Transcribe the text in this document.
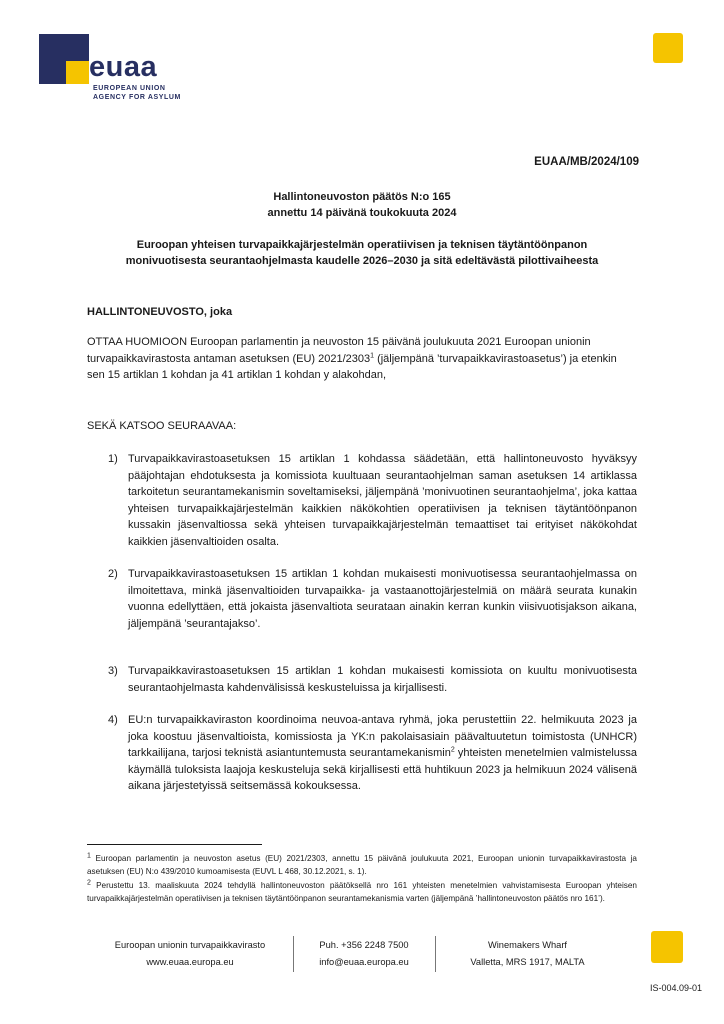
euaa
EUROPEAN UNION
AGENCY FOR ASYLUM
EUAA/MB/2024/109
Hallintoneuvoston päätös N:o 165
annettu 14 päivänä toukokuuta 2024
Euroopan yhteisen turvapaikkajärjestelmän operatiivisen ja teknisen täytäntöönpanon
monivuotisesta seurantaohjelmasta kaudelle 2026–2030 ja sitä edeltävästä pilottivaiheesta
HALLINTONEUVOSTO, joka
OTTAA HUOMIOON Euroopan parlamentin ja neuvoston 15 päivänä joulukuuta 2021 Euroopan unionin turvapaikkavirastosta antaman asetuksen (EU) 2021/2303$^1$ (jäljempänä ’turvapaikkavirastoasetus’) ja etenkin sen 15 artiklan 1 kohdan ja 41 artiklan 1 kohdan y alakohdan,
SEKÄ KATSOO SEURAAVAA:
1) Turvapaikkavirastoasetuksen 15 artiklan 1 kohdassa säädetään, että hallintoneuvosto hyväksyy pääjohtajan ehdotuksesta ja komissiota kuultuaan seurantaohjelman saman asetuksen 14 artiklassa tarkoitetun seurantamekanismin soveltamiseksi, jäljempänä ’monivuotinen seurantaohjelma’, joka kattaa yhteisen turvapaikkajärjestelmän kaikkien näkökohtien operatiivisen ja teknisen täytäntöönpanon kussakin jäsenvaltiossa sekä yhteisen turvapaikkajärjestelmän temaattiset tai erityiset näkökohdat kaikkien jäsenvaltioiden osalta.
2) Turvapaikkavirastoasetuksen 15 artiklan 1 kohdan mukaisesti monivuotisessa seurantaohjelmassa on ilmoitettava, minkä jäsenvaltioiden turvapaikka- ja vastaanottojärjestelmiä on määrä seurata kunakin vuonna edellyttäen, että jokaista jäsenvaltiota seurataan ainakin kerran kunkin viisivuotisjakson aikana, jäljempänä ’seurantajakso’.
3) Turvapaikkavirastoasetuksen 15 artiklan 1 kohdan mukaisesti komissiota on kuultu monivuotisesta seurantaohjelmasta kahdenvälisissä keskusteluissa ja kirjallisesti.
4) EU:n turvapaikkaviraston koordinoima neuvoa-antava ryhmä, joka perustettiin 22. helmikuuta 2023 ja joka koostuu jäsenvaltioista, komissiosta ja YK:n pakolaisasiain päävaltuutetun toimistosta (UNHCR) tarkkailijana, tarjosi teknistä asiantuntemusta seurantamekanismin$^2$ yhteisten menetelmien valmistelussa käymällä tuloksista laajoja keskusteluja sekä kirjallisesti että huhtikuun 2023 ja helmikuun 2024 välisenä aikana järjestetyissä seitsemässä kokouksessa.
$^1$ Euroopan parlamentin ja neuvoston asetus (EU) 2021/2303, annettu 15 päivänä joulukuuta 2021, Euroopan unionin turvapaikkavirastosta ja asetuksen (EU) N:o 439/2010 kumoamisesta (EUVL L 468, 30.12.2021, s. 1).
$^2$ Perustettu 13. maaliskuuta 2024 tehdyllä hallintoneuvoston päätöksellä nro 161 yhteisten menetelmien vahvistamisesta Euroopan yhteisen turvapaikkajärjestelmän operatiivisen ja teknisen täytäntöönpanon seurantamekanismia varten (jäljempänä ’hallintoneuvoston päätös nro 161’).
Euroopan unionin turvapaikkavirasto
www.euaa.europa.eu
Puh. +356 2248 7500
info@euaa.europa.eu
Winemakers Wharf
Valletta, MRS 1917, MALTA
IS-004.09-01
